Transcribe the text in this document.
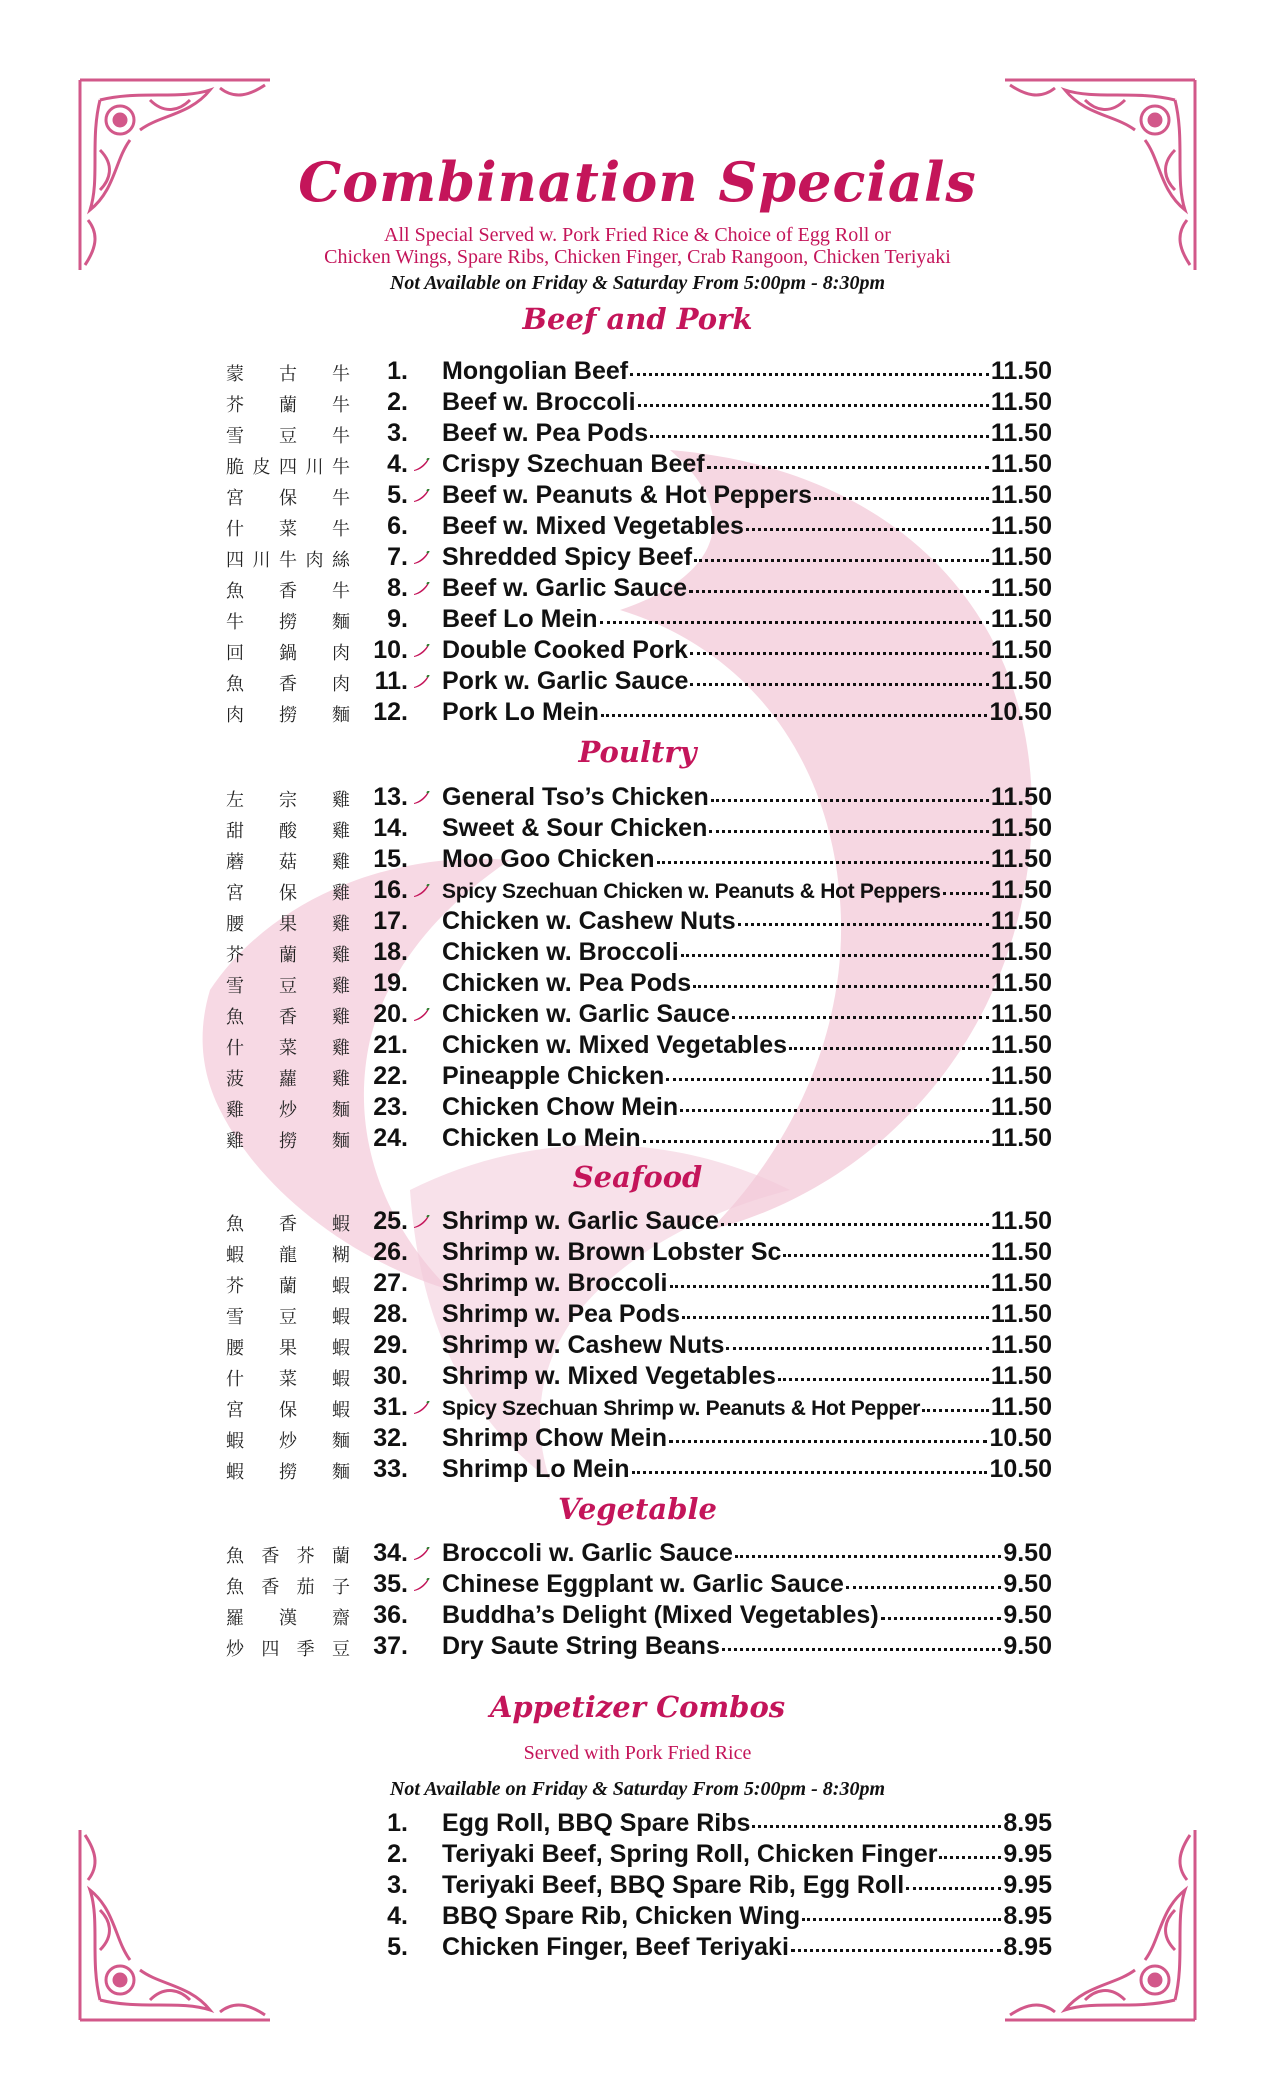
Combination Specials
All Special Served w. Pork Fried Rice & Choice of Egg Roll or
Chicken Wings, Spare Ribs, Chicken Finger, Crab Rangoon, Chicken Teriyaki
Not Available on Friday & Saturday From 5:00pm - 8:30pm
Beef and Pork
Poultry
Seafood
Vegetable
蒙 古 牛	1. Mongolian Beef	11.50
芥 蘭 牛	2. Beef w. Broccoli	11.50
雪 豆 牛	3. Beef w. Pea Pods	11.50
脆 皮 四 川 牛	4. Crispy Szechuan Beef	11.50
宮 保 牛	5. Beef w. Peanuts & Hot Peppers	11.50
什 菜 牛	6. Beef w. Mixed Vegetables	11.50
四 川 牛 肉 絲	7. Shredded Spicy Beef	11.50
魚 香 牛	8. Beef w. Garlic Sauce	11.50
牛 撈 麵	9. Beef Lo Mein	11.50
回 鍋 肉 10. Double Cooked Pork	11.50
魚 香 肉 11. Pork w. Garlic Sauce	11.50
肉 撈 麵 12. Pork Lo Mein	10.50
左 宗 雞 13. General Tso’s Chicken	11.50
甜 酸 雞 14. Sweet & Sour Chicken	11.50
蘑 菇 雞 15. Moo Goo Chicken	11.50
宮 保 雞 16. Spicy Szechuan Chicken w. Peanuts & Hot Peppers 11.50
腰 果 雞 17. Chicken w. Cashew Nuts	11.50
芥 蘭 雞 18. Chicken w. Broccoli	11.50
雪 豆 雞 19. Chicken w. Pea Pods	11.50
魚 香 雞 20. Chicken w. Garlic Sauce	11.50
什 菜 雞 21. Chicken w. Mixed Vegetables	11.50
菠 蘿 雞 22. Pineapple Chicken	11.50
雞 炒 麵 23. Chicken Chow Mein	11.50
雞 撈 麵 24. Chicken Lo Mein	11.50
魚 香 蝦 25. Shrimp w. Garlic Sauce	11.50
蝦 龍 糊 26. Shrimp w. Brown Lobster Sc	11.50
芥 蘭 蝦 27. Shrimp w. Broccoli	11.50
雪 豆 蝦 28. Shrimp w. Pea Pods	11.50
腰 果 蝦 29. Shrimp w. Cashew Nuts	11.50
什 菜 蝦 30. Shrimp w. Mixed Vegetables	11.50
宮 保 蝦 31. Spicy Szechuan Shrimp w. Peanuts & Hot Pepper	11.50
蝦 炒 麵 32. Shrimp Chow Mein	10.50
蝦 撈 麵 33. Shrimp Lo Mein	10.50
魚 香 芥 蘭 34. Broccoli w. Garlic Sauce	9.50
魚 香 茄 子 35. Chinese Eggplant w. Garlic Sauce	9.50
羅 漢 齋 36. Buddha’s Delight (Mixed Vegetables)	9.50
炒 四 季 豆 37. Dry Saute String Beans	9.50
Appetizer Combos
Served with Pork Fried Rice
Not Available on Friday & Saturday From 5:00pm - 8:30pm
1. Egg Roll, BBQ Spare Ribs	8.95
2. Teriyaki Beef, Spring Roll, Chicken Finger	9.95
3. Teriyaki Beef, BBQ Spare Rib, Egg Roll	9.95
4. BBQ Spare Rib, Chicken Wing	8.95
5. Chicken Finger, Beef Teriyaki	8.95
